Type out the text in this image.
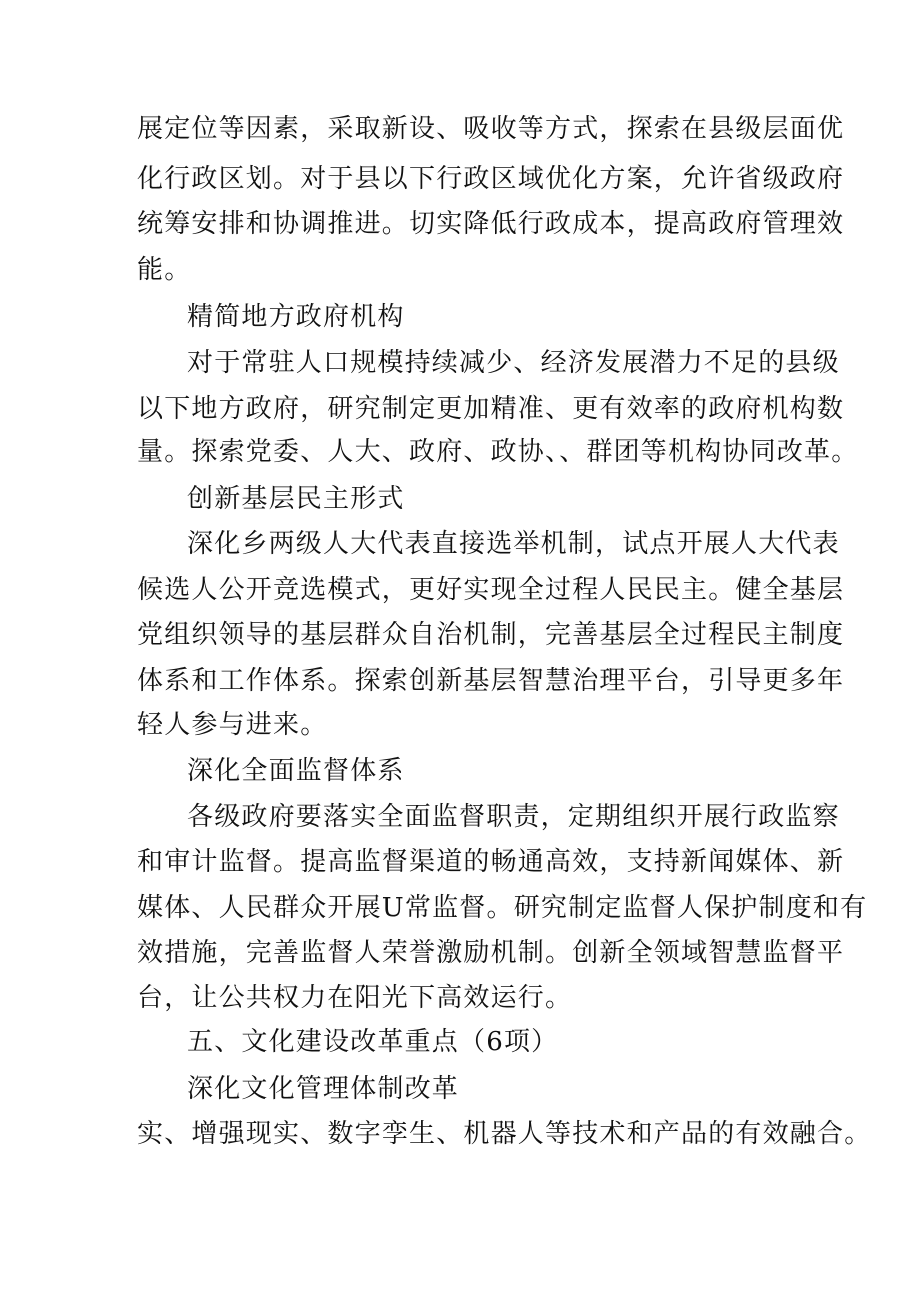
展定位等因素，采取新设、吸收等方式，探索在县级层面优
化行政区划。对于县以下行政区域优化方案，允许省级政府
统筹安排和协调推进。切实降低行政成本，提高政府管理效
能。
精简地方政府机构
对于常驻人口规模持续减少、经济发展潜力不足的县级
以下地方政府，研究制定更加精准、更有效率的政府机构数
量。探索党委、人大、政府、政协、、群团等机构协同改革。
创新基层民主形式
深化乡两级人大代表直接选举机制，试点开展人大代表
候选人公开竞选模式，更好实现全过程人民民主。健全基层
党组织领导的基层群众自治机制，完善基层全过程民主制度
体系和工作体系。探索创新基层智慧治理平台，引导更多年
轻人参与进来。
深化全面监督体系
各级政府要落实全面监督职责，定期组织开展行政监察
和审计监督。提高监督渠道的畅通高效，支持新闻媒体、新
媒体、人民群众开展U常监督。研究制定监督人保护制度和有
效措施，完善监督人荣誉激励机制。创新全领域智慧监督平
台，让公共权力在阳光下高效运行。
五、文化建设改革重点（6项）
深化文化管理体制改革
实、增强现实、数字孪生、机器人等技术和产品的有效融合。
